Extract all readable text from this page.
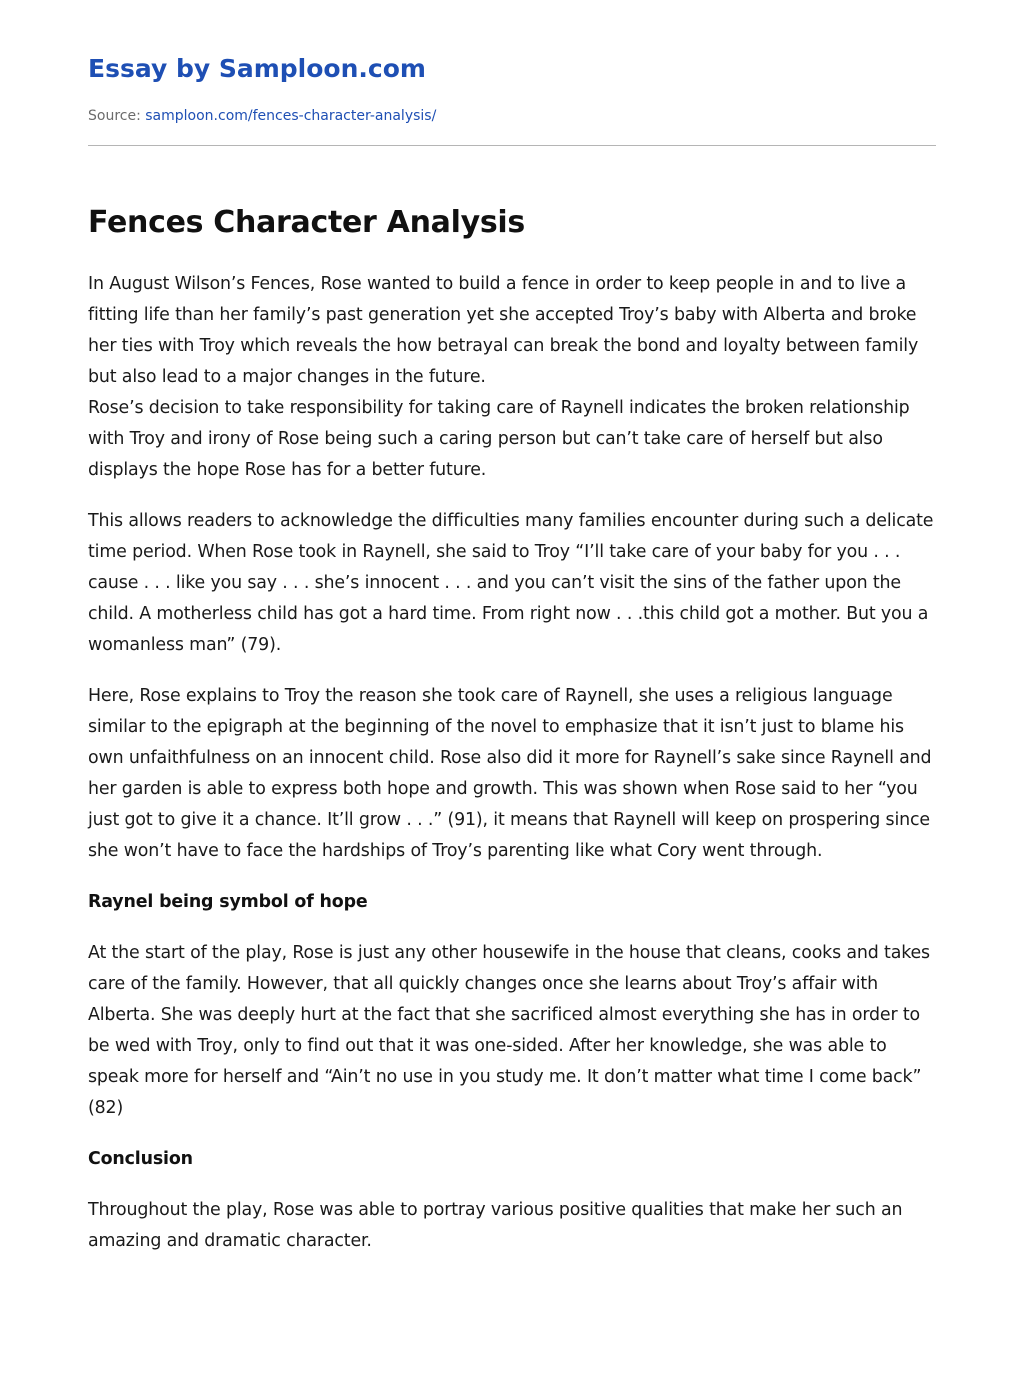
Essay by Samploon.com
Source: samploon.com/fences-character-analysis/
Fences Character Analysis

In August Wilson’s Fences, Rose wanted to build a fence in order to keep people in and to live a fitting life than her family’s past generation yet she accepted Troy’s baby with Alberta and broke her ties with Troy which reveals the how betrayal can break the bond and loyalty between family but also lead to a major changes in the future.

Rose’s decision to take responsibility for taking care of Raynell indicates the broken relationship with Troy and irony of Rose being such a caring person but can’t take care of herself but also displays the hope Rose has for a better future.

This allows readers to acknowledge the difficulties many families encounter during such a delicate time period. When Rose took in Raynell, she said to Troy “I’ll take care of your baby for you . . . cause . . . like you say . . . she’s innocent . . . and you can’t visit the sins of the father upon the child. A motherless child has got a hard time. From right now . . .this child got a mother. But you a womanless man” (79).

Here, Rose explains to Troy the reason she took care of Raynell, she uses a religious language similar to the epigraph at the beginning of the novel to emphasize that it isn’t just to blame his own unfaithfulness on an innocent child. Rose also did it more for Raynell’s sake since Raynell and her garden is able to express both hope and growth. This was shown when Rose said to her “you just got to give it a chance. It’ll grow . . .” (91), it means that Raynell will keep on prospering since she won’t have to face the hardships of Troy’s parenting like what Cory went through.

Raynel being symbol of hope

At the start of the play, Rose is just any other housewife in the house that cleans, cooks and takes care of the family. However, that all quickly changes once she learns about Troy’s affair with Alberta. She was deeply hurt at the fact that she sacrificed almost everything she has in order to be wed with Troy, only to find out that it was one-sided. After her knowledge, she was able to speak more for herself and “Ain’t no use in you study me. It don’t matter what time I come back” (82)

Conclusion

Throughout the play, Rose was able to portray various positive qualities that make her such an amazing and dramatic character.
